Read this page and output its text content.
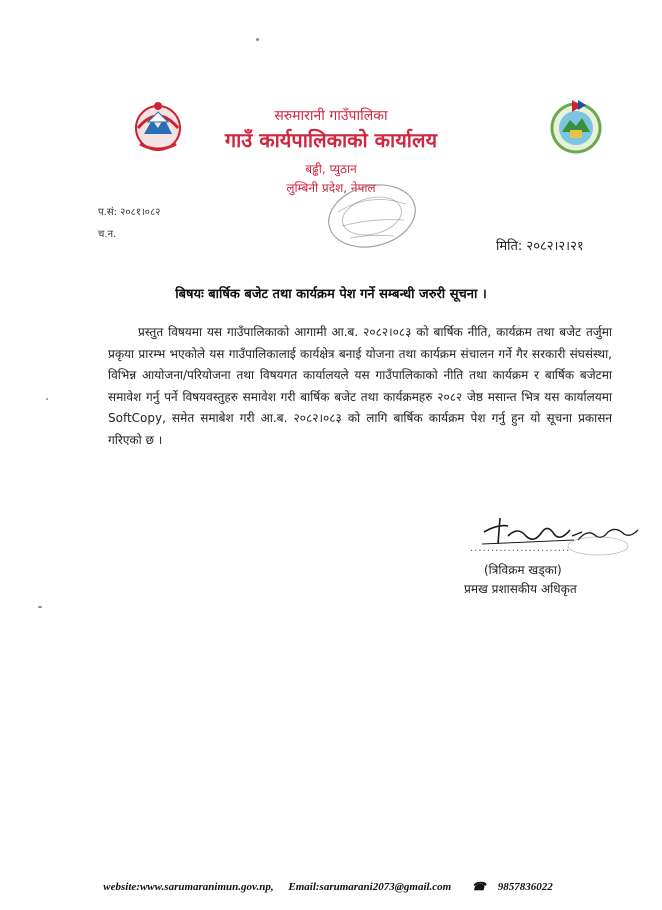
सरुमारानी गाउँपालिका
गाउँ कार्यपालिकाको कार्यालय
बढ्ढी, प्युठान
लुम्बिनी प्रदेश, नेपाल
प.सं: २०८१।०८२
च.न.
मिति: २०८२।२।२१
बिषयः बार्षिक बजेट तथा कार्यक्रम पेश गर्ने सम्बन्धी जरुरी सूचना ।
प्रस्तुत विषयमा यस गाउँपालिकाको आगामी आ.ब. २०८२।०८३ को बार्षिक नीति, कार्यक्रम तथा बजेट तर्जुमा प्रकृया प्रारम्भ भएकोले यस गाउँपालिकालाई कार्यक्षेत्र बनाई योजना तथा कार्यक्रम संचालन गर्ने गैर सरकारी संघसंस्था, विभिन्न आयोजना/परियोजना तथा विषयगत कार्यालयले यस गाउँपालिकाको नीति तथा कार्यक्रम र बार्षिक बजेटमा समावेश गर्नु पर्ने विषयवस्तुहरु समावेश गरी बार्षिक बजेट तथा कार्यक्रमहरु २०८२ जेष्ठ मसान्त भित्र यस कार्यालयमा SoftCopy, समेत समाबेश गरी आ.ब. २०८२।०८३ को लागि बार्षिक कार्यक्रम पेश गर्नु हुन यो सूचना प्रकासन गरिएको छ ।
........................
(त्रिविक्रम खड्का)
प्रमख प्रशासकीय अधिकृत
website:www.sarumaranimun.gov.np, Email:sarumarani2073@gmail.com ☎ 9857836022
